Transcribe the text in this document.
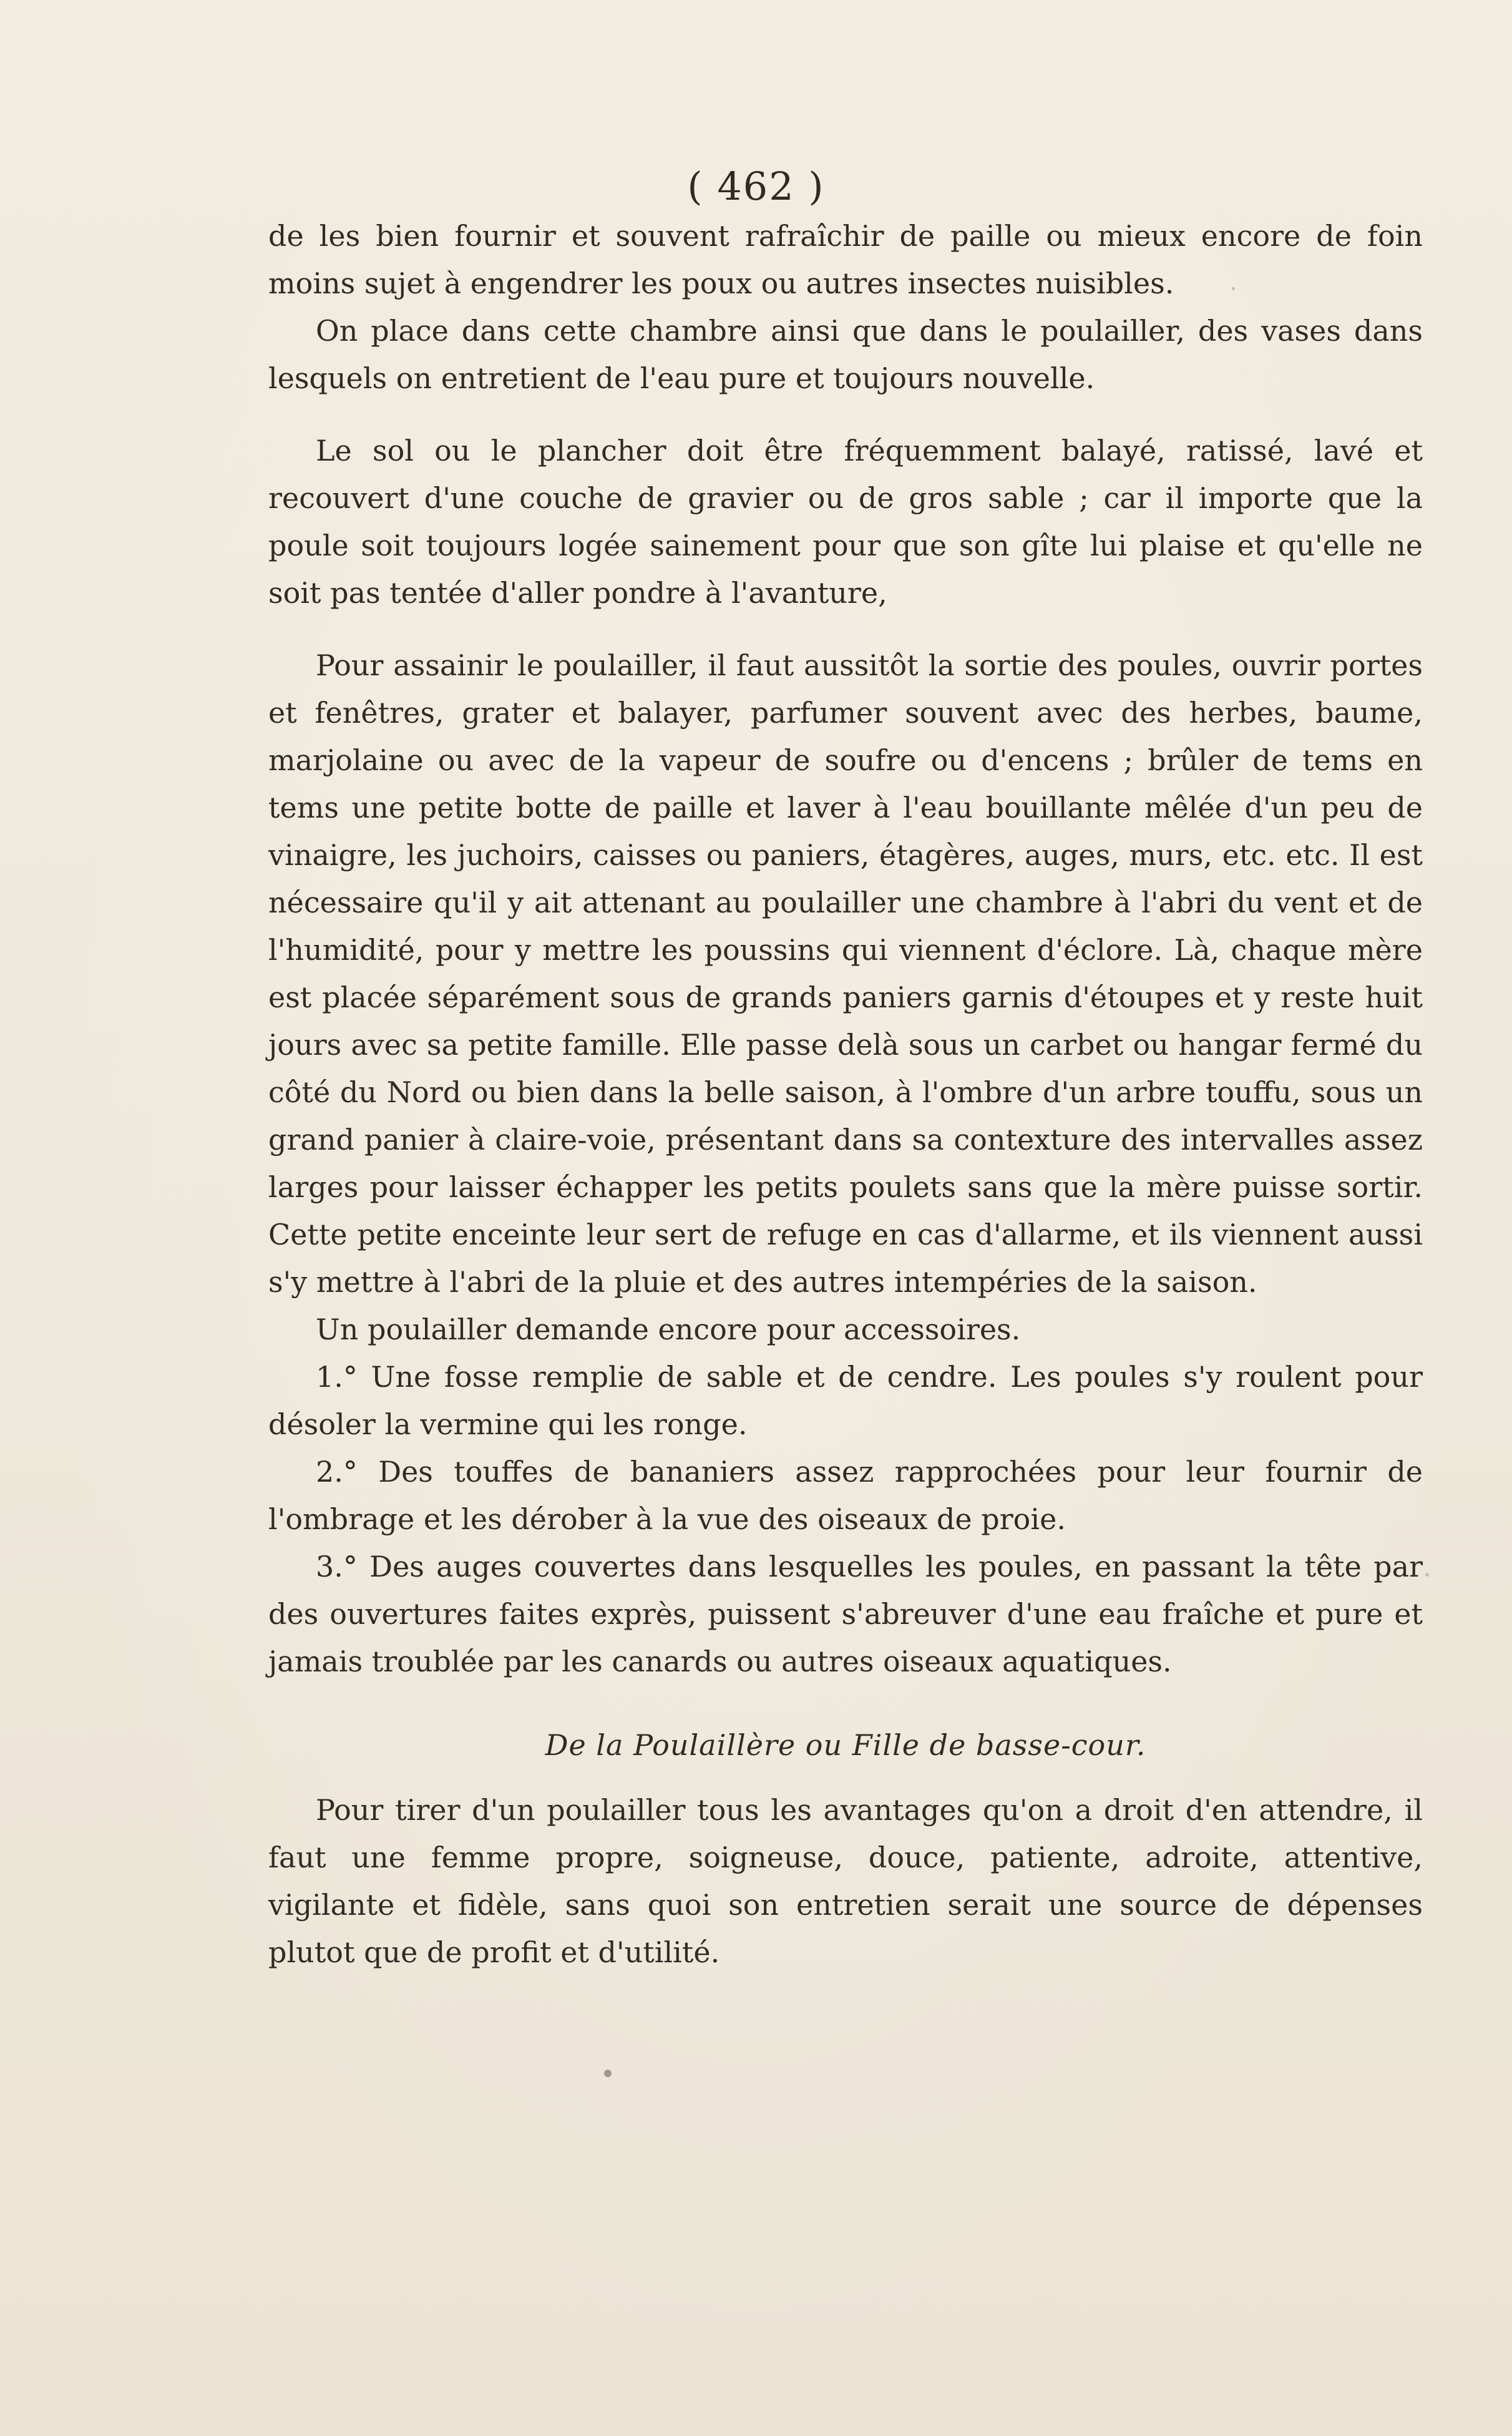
( 462 )

de les bien fournir et souvent rafraîchir de paille ou mieux encore de foin moins sujet à engendrer les poux ou autres insectes nuisibles.

On place dans cette chambre ainsi que dans le poulailler, des vases dans lesquels on entretient de l'eau pure et toujours nouvelle.

Le sol ou le plancher doit être fréquemment balayé, ratissé, lavé et recouvert d'une couche de gravier ou de gros sable ; car il importe que la poule soit toujours logée sainement pour que son gîte lui plaise et qu'elle ne soit pas tentée d'aller pondre à l'avanture,

Pour assainir le poulailler, il faut aussitôt la sortie des poules, ouvrir portes et fenêtres, grater et balayer, parfumer souvent avec des herbes, baume, marjolaine ou avec de la vapeur de soufre ou d'encens ; brûler de tems en tems une petite botte de paille et laver à l'eau bouillante mêlée d'un peu de vinaigre, les juchoirs, caisses ou paniers, étagères, auges, murs, etc. etc. Il est nécessaire qu'il y ait attenant au poulailler une chambre à l'abri du vent et de l'humidité, pour y mettre les poussins qui viennent d'éclore. Là, chaque mère est placée séparément sous de grands paniers garnis d'étoupes et y reste huit jours avec sa petite famille. Elle passe delà sous un carbet ou hangar fermé du côté du Nord ou bien dans la belle saison, à l'ombre d'un arbre touffu, sous un grand panier à claire-voie, présentant dans sa contexture des intervalles assez larges pour laisser échapper les petits poulets sans que la mère puisse sortir. Cette petite enceinte leur sert de refuge en cas d'allarme, et ils viennent aussi s'y mettre à l'abri de la pluie et des autres intempéries de la saison.

Un poulailler demande encore pour accessoires.

1.° Une fosse remplie de sable et de cendre. Les poules s'y roulent pour désoler la vermine qui les ronge.

2.° Des touffes de bananiers assez rapprochées pour leur fournir de l'ombrage et les dérober à la vue des oiseaux de proie.

3.° Des auges couvertes dans lesquelles les poules, en passant la tête par des ouvertures faites exprès, puissent s'abreuver d'une eau fraîche et pure et jamais troublée par les canards ou autres oiseaux aquatiques.

De la Poulaillère ou Fille de basse-cour.

Pour tirer d'un poulailler tous les avantages qu'on a droit d'en attendre, il faut une femme propre, soigneuse, douce, patiente, adroite, attentive, vigilante et fidèle, sans quoi son entretien serait une source de dépenses plutot que de profit et d'utilité.
